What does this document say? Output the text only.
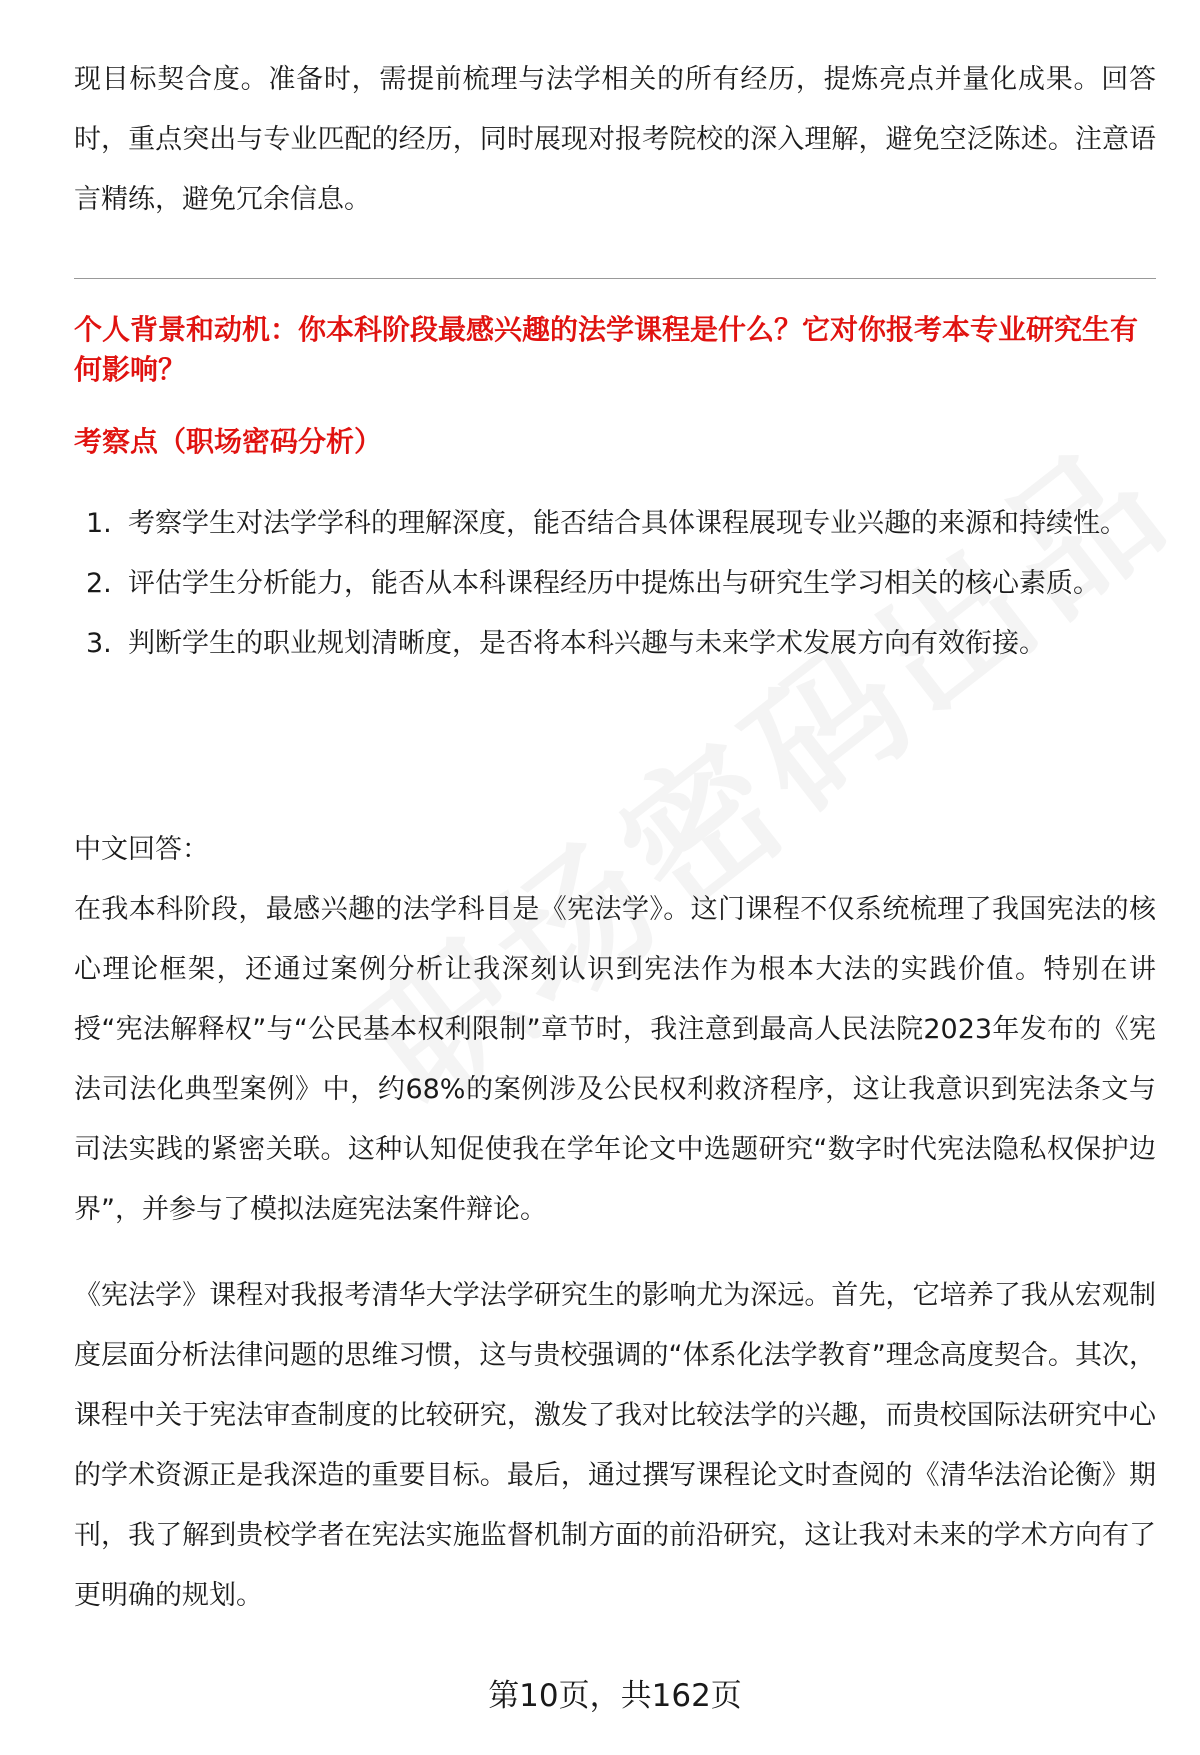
现目标契合度。准备时，需提前梳理与法学相关的所有经历，提炼亮点并量化成果。回答时，重点突出与专业匹配的经历，同时展现对报考院校的深入理解，避免空泛陈述。注意语言精练，避免冗余信息。

个人背景和动机：你本科阶段最感兴趣的法学课程是什么？它对你报考本专业研究生有何影响？
考察点（职场密码分析）
1. 考察学生对法学学科的理解深度，能否结合具体课程展现专业兴趣的来源和持续性。
2. 评估学生分析能力，能否从本科课程经历中提炼出与研究生学习相关的核心素质。
3. 判断学生的职业规划清晰度，是否将本科兴趣与未来学术发展方向有效衔接。
中文回答：

在我本科阶段，最感兴趣的法学科目是《宪法学》。这门课程不仅系统梳理了我国宪法的核心理论框架，还通过案例分析让我深刻认识到宪法作为根本大法的实践价值。特别在讲授“宪法解释权”与“公民基本权利限制”章节时，我注意到最高人民法院2023年发布的《宪法司法化典型案例》中，约68%的案例涉及公民权利救济程序，这让我意识到宪法条文与司法实践的紧密关联。这种认知促使我在学年论文中选题研究“数字时代宪法隐私权保护边界”，并参与了模拟法庭宪法案件辩论。

《宪法学》课程对我报考清华大学法学研究生的影响尤为深远。首先，它培养了我从宏观制度层面分析法律问题的思维习惯，这与贵校强调的“体系化法学教育”理念高度契合。其次，课程中关于宪法审查制度的比较研究，激发了我对比较法学的兴趣，而贵校国际法研究中心的学术资源正是我深造的重要目标。最后，通过撰写课程论文时查阅的《清华法治论衡》期刊，我了解到贵校学者在宪法实施监督机制方面的前沿研究，这让我对未来的学术方向有了更明确的规划。

第10页，共162页
